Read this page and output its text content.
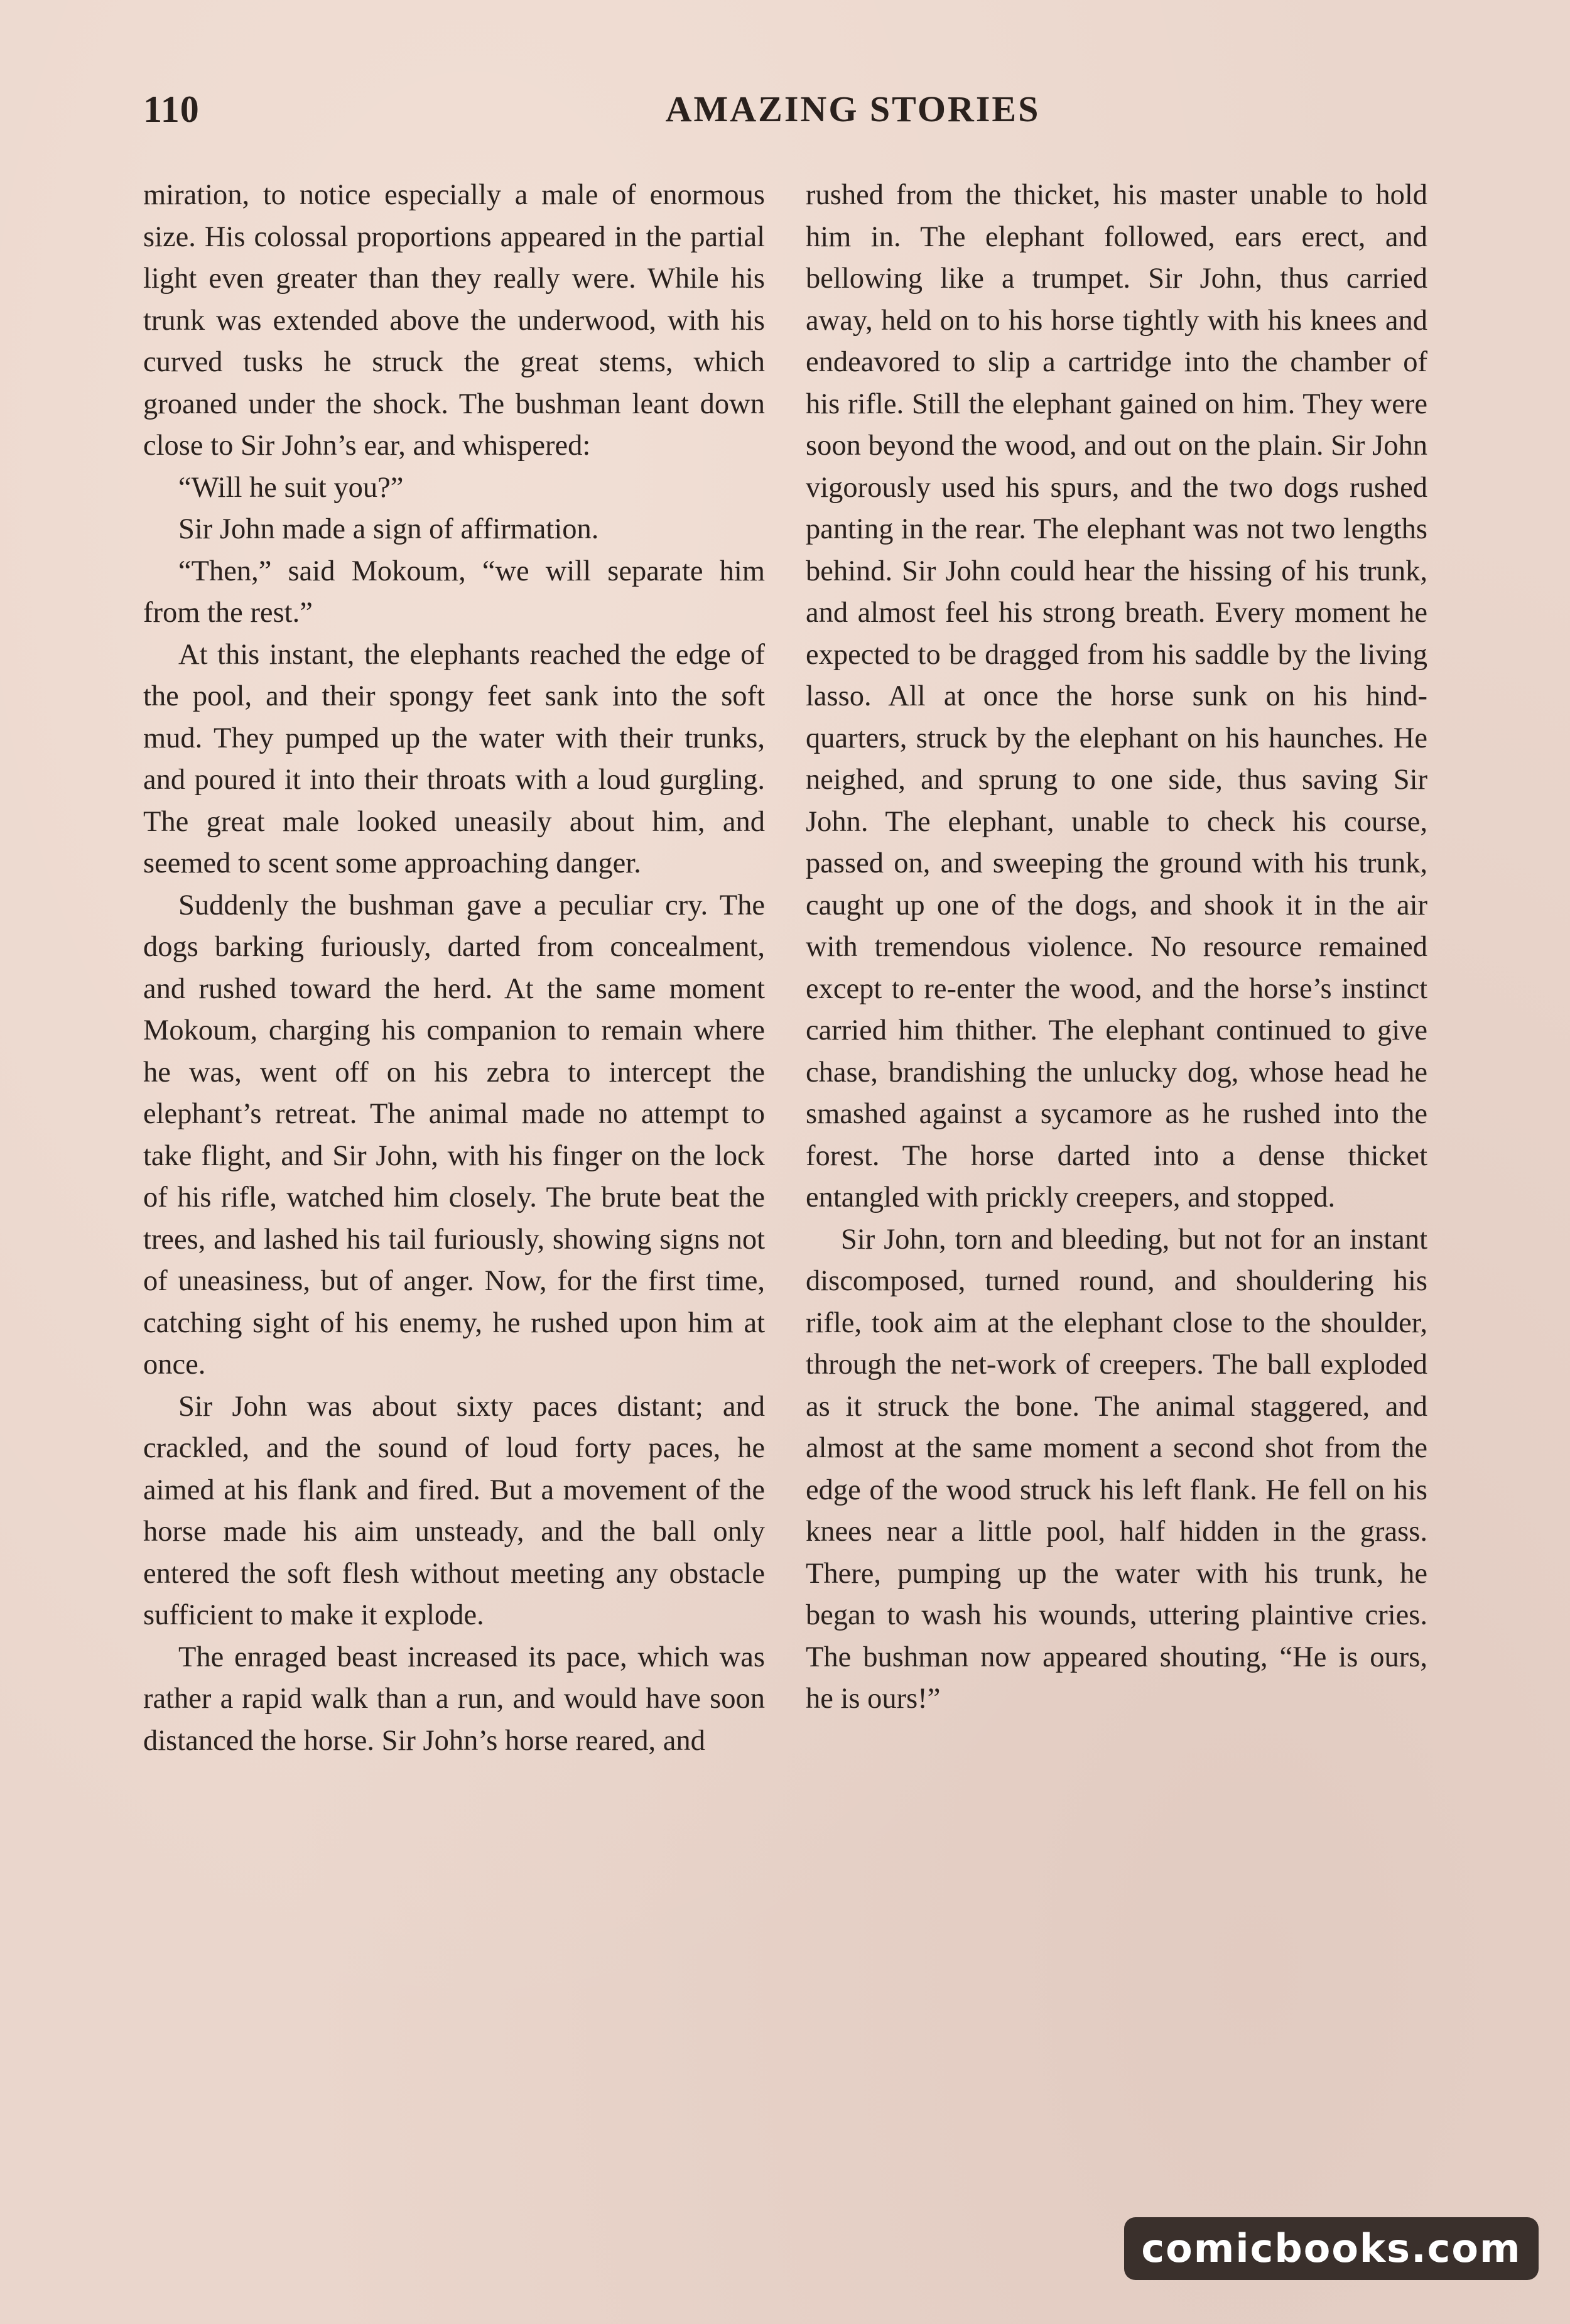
110	AMAZING STORIES

miration, to notice especially a male of enormous size. His colossal proportions appeared in the partial light even greater than they really were. While his trunk was extended above the underwood, with his curved tusks he struck the great stems, which groaned under the shock. The bushman leant down close to Sir John’s ear, and whispered:

“Will he suit you?”

Sir John made a sign of affirmation.

“Then,” said Mokoum, “we will separate him from the rest.”

At this instant, the elephants reached the edge of the pool, and their spongy feet sank into the soft mud. They pumped up the water with their trunks, and poured it into their throats with a loud gurgling. The great male looked uneasily about him, and seemed to scent some approaching danger.

Suddenly the bushman gave a peculiar cry. The dogs barking furiously, darted from concealment, and rushed toward the herd. At the same moment Mokoum, charging his companion to remain where he was, went off on his zebra to intercept the elephant’s retreat. The animal made no attempt to take flight, and Sir John, with his finger on the lock of his rifle, watched him closely. The brute beat the trees, and lashed his tail furiously, showing signs not of uneasiness, but of anger. Now, for the first time, catching sight of his enemy, he rushed upon him at once.

Sir John was about sixty paces distant; and crackled, and the sound of loud forty paces, he aimed at his flank and fired. But a movement of the horse made his aim unsteady, and the ball only entered the soft flesh without meeting any obstacle sufficient to make it explode.

The enraged beast increased its pace, which was rather a rapid walk than a run, and would have soon distanced the horse. Sir John’s horse reared, and

rushed from the thicket, his master unable to hold him in. The elephant followed, ears erect, and bellowing like a trumpet. Sir John, thus carried away, held on to his horse tightly with his knees and endeavored to slip a cartridge into the chamber of his rifle. Still the elephant gained on him. They were soon beyond the wood, and out on the plain. Sir John vigorously used his spurs, and the two dogs rushed panting in the rear. The elephant was not two lengths behind. Sir John could hear the hissing of his trunk, and almost feel his strong breath. Every moment he expected to be dragged from his saddle by the living lasso. All at once the horse sunk on his hind-quarters, struck by the elephant on his haunches. He neighed, and sprung to one side, thus saving Sir John. The elephant, unable to check his course, passed on, and sweeping the ground with his trunk, caught up one of the dogs, and shook it in the air with tremendous violence. No resource remained except to re-enter the wood, and the horse’s instinct carried him thither. The elephant continued to give chase, brandishing the unlucky dog, whose head he smashed against a sycamore as he rushed into the forest. The horse darted into a dense thicket entangled with prickly creepers, and stopped.

Sir John, torn and bleeding, but not for an instant discomposed, turned round, and shouldering his rifle, took aim at the elephant close to the shoulder, through the net-work of creepers. The ball exploded as it struck the bone. The animal staggered, and almost at the same moment a second shot from the edge of the wood struck his left flank. He fell on his knees near a little pool, half hidden in the grass. There, pumping up the water with his trunk, he began to wash his wounds, uttering plaintive cries. The bushman now appeared shouting, “He is ours, he is ours!”

comicbooks.com
